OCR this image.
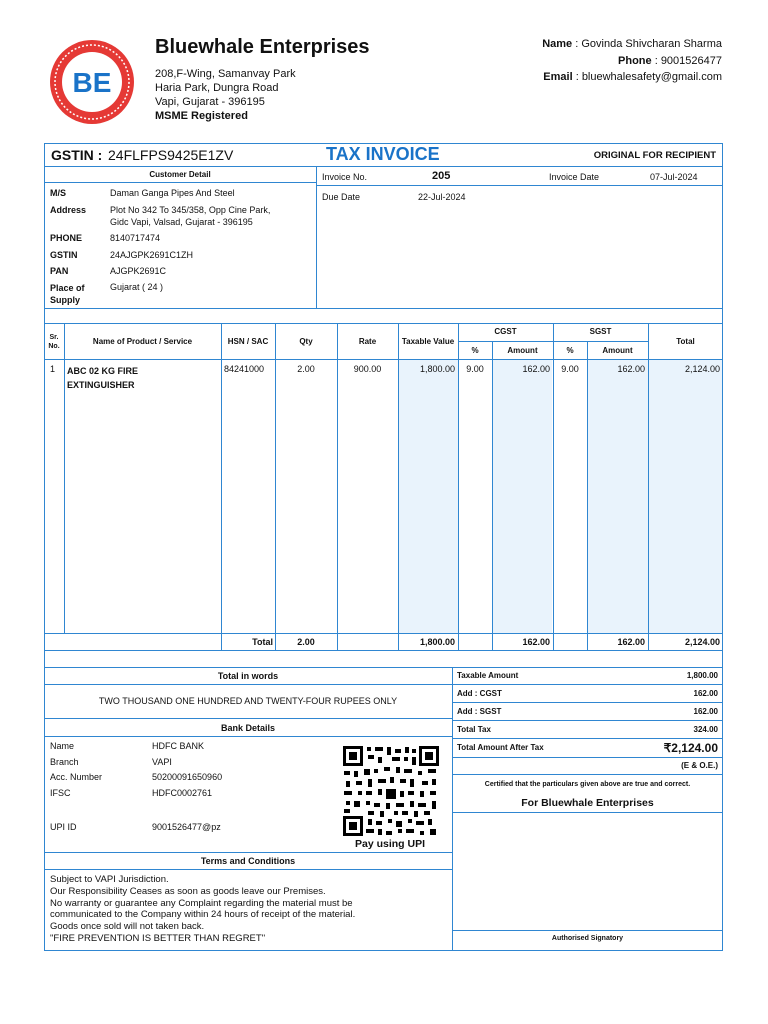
BE
Bluewhale Enterprises
208,F-Wing, Samanvay Park
Haria Park, Dungra Road
Vapi, Gujarat - 396195
MSME Registered
Name : Govinda Shivcharan Sharma
Phone : 9001526477
Email : bluewhalesafety@gmail.com
GSTIN : 24FLFPS9425E1ZV	TAX INVOICE	ORIGINAL FOR RECIPIENT
Customer Detail
M/S	Daman Ganga Pipes And Steel
Address	Plot No 342 To 345/358, Opp Cine Park,
Gidc Vapi, Valsad, Gujarat - 396195
PHONE	8140717474
GSTIN	24AJGPK2691C1ZH
PAN	AJGPK2691C
Place of
Supply
Gujarat ( 24 )
Invoice No.	205	Invoice Date	07-Jul-2024
Due Date	22-Jul-2024
Sr.
No.
Name of Product / Service	HSN / SAC	Qty	Rate	Taxable Value
CGST	SGST
%	Amount	%	Amount
Total
1 ABC 02 KG FIRE
EXTINGUISHER
84241000	2.00	900.00	1,800.00	9.00	162.00	9.00	162.00	2,124.00
Total	2.00	1,800.00	162.00	162.00	2,124.00
Total in words
TWO THOUSAND ONE HUNDRED AND TWENTY-FOUR RUPEES ONLY
Bank Details
Name	HDFC BANK
Branch	VAPI
Acc. Number	50200091650960
IFSC	HDFC0002761
UPI ID	9001526477@pz
Pay using UPI
Terms and Conditions
Subject to VAPI Jurisdiction.
Our Responsibility Ceases as soon as goods leave our Premises.
No warranty or guarantee any Complaint regarding the material must be
communicated to the Company within 24 hours of receipt of the material.
Goods once sold will not taken back.
"FIRE PREVENTION IS BETTER THAN REGRET"
Taxable Amount	1,800.00
Add : CGST	162.00
Add : SGST	162.00
Total Tax	324.00
Total Amount After Tax	₹2,124.00
(E & O.E.)
Certified that the particulars given above are true and correct.
For Bluewhale Enterprises
Authorised Signatory
